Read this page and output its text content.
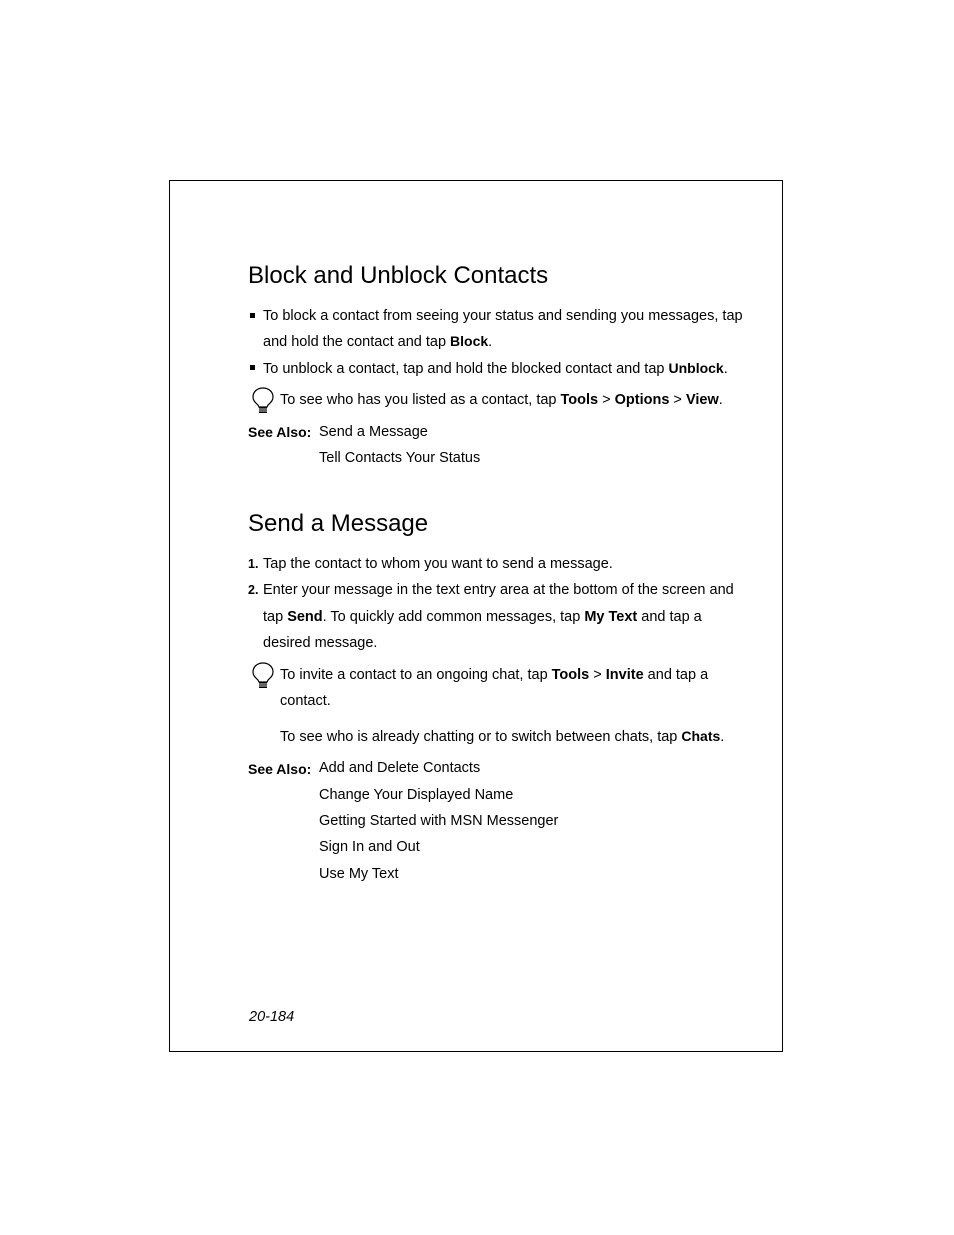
Block and Unblock Contacts
To block a contact from seeing your status and sending you messages, tap
and hold the contact and tap Block.
To unblock a contact, tap and hold the blocked contact and tap Unblock.
To see who has you listed as a contact, tap Tools > Options > View.
See Also: Send a Message
Tell Contacts Your Status
Send a Message
1. Tap the contact to whom you want to send a message.
2. Enter your message in the text entry area at the bottom of the screen and
tap Send. To quickly add common messages, tap My Text and tap a
desired message.
To invite a contact to an ongoing chat, tap Tools > Invite and tap a
contact.
To see who is already chatting or to switch between chats, tap Chats.
See Also: Add and Delete Contacts
Change Your Displayed Name
Getting Started with MSN Messenger
Sign In and Out
Use My Text
20-184
